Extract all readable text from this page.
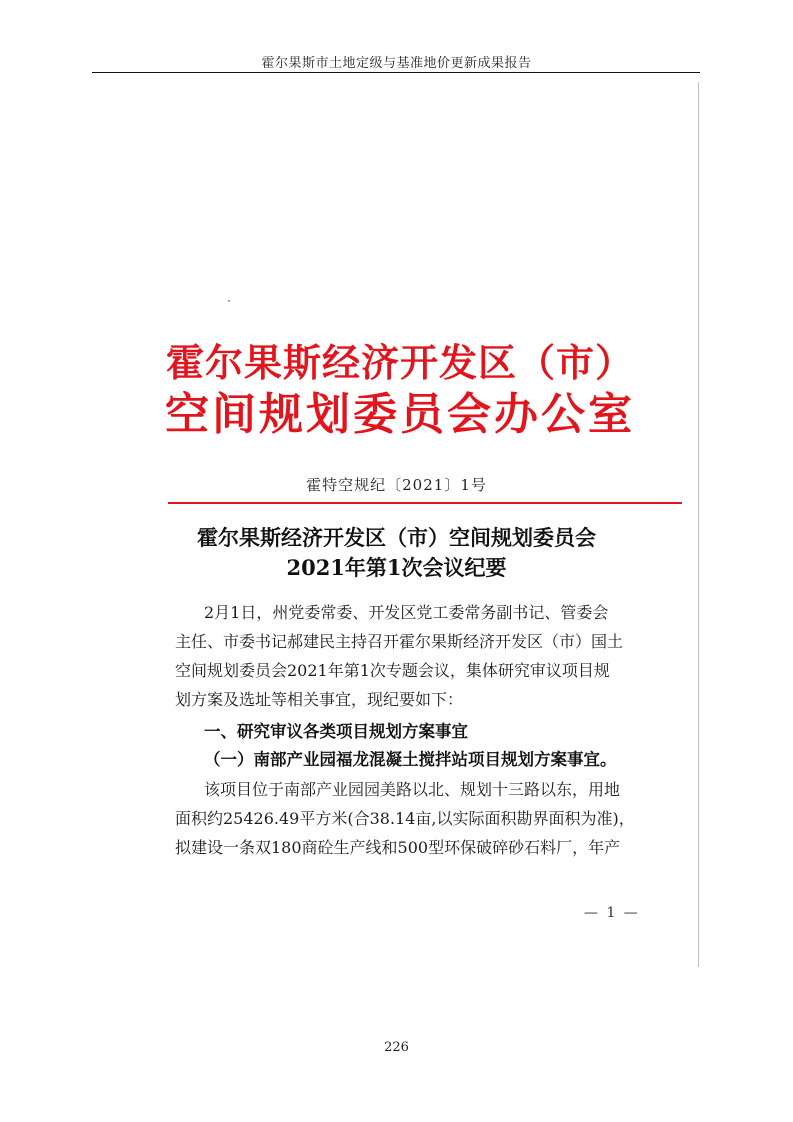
霍尔果斯市土地定级与基准地价更新成果报告
霍尔果斯经济开发区（市）
空间规划委员会办公室
霍特空规纪〔2021〕1号
霍尔果斯经济开发区（市）空间规划委员会
2021年第1次会议纪要
2月1日，州党委常委、开发区党工委常务副书记、管委会
主任、市委书记郝建民主持召开霍尔果斯经济开发区（市）国土
空间规划委员会2021年第1次专题会议，集体研究审议项目规
划方案及选址等相关事宜，现纪要如下：
一、研究审议各类项目规划方案事宜
（一）南部产业园福龙混凝土搅拌站项目规划方案事宜。
该项目位于南部产业园园美路以北、规划十三路以东，用地
面积约25426.49平方米(合38.14亩,以实际面积勘界面积为准)，
拟建设一条双180商砼生产线和500型环保破碎砂石料厂，年产
— 1 —
226
